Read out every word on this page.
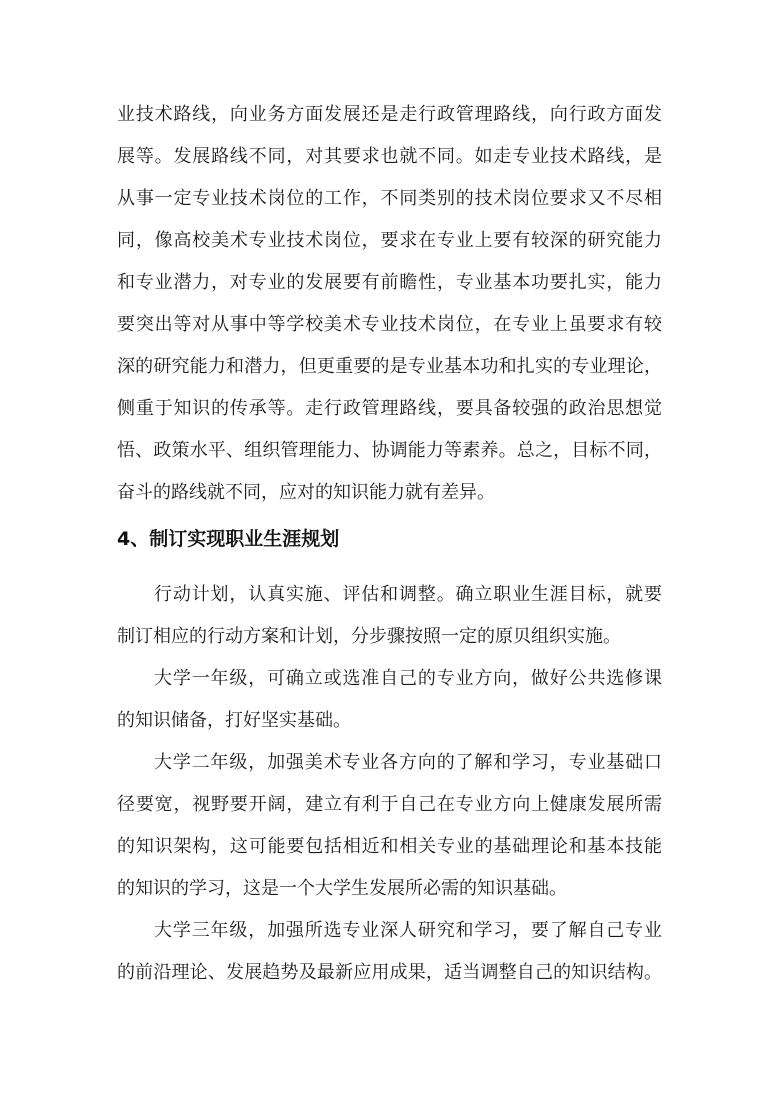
业技术路线，向业务方面发展还是走行政管理路线，向行政方面发
展等。发展路线不同，对其要求也就不同。如走专业技术路线，是
从事一定专业技术岗位的工作，不同类别的技术岗位要求又不尽相
同，像高校美术专业技术岗位，要求在专业上要有较深的研究能力
和专业潜力，对专业的发展要有前瞻性，专业基本功要扎实，能力
要突出等对从事中等学校美术专业技术岗位，在专业上虽要求有较
深的研究能力和潜力，但更重要的是专业基本功和扎实的专业理论，
侧重于知识的传承等。走行政管理路线，要具备较强的政治思想觉
悟、政策水平、组织管理能力、协调能力等素养。总之，目标不同，
奋斗的路线就不同，应对的知识能力就有差异。
4、制订实现职业生涯规划
行动计划，认真实施、评估和调整。确立职业生涯目标，就要
制订相应的行动方案和计划，分步骤按照一定的原贝组织实施。
大学一年级，可确立或选准自己的专业方向，做好公共选修课
的知识储备，打好坚实基础。
大学二年级，加强美术专业各方向的了解和学习，专业基础口
径要宽，视野要开阔，建立有利于自己在专业方向上健康发展所需
的知识架构，这可能要包括相近和相关专业的基础理论和基本技能
的知识的学习，这是一个大学生发展所必需的知识基础。
大学三年级，加强所选专业深人研究和学习，要了解自己专业
的前沿理论、发展趋势及最新应用成果，适当调整自己的知识结构。
